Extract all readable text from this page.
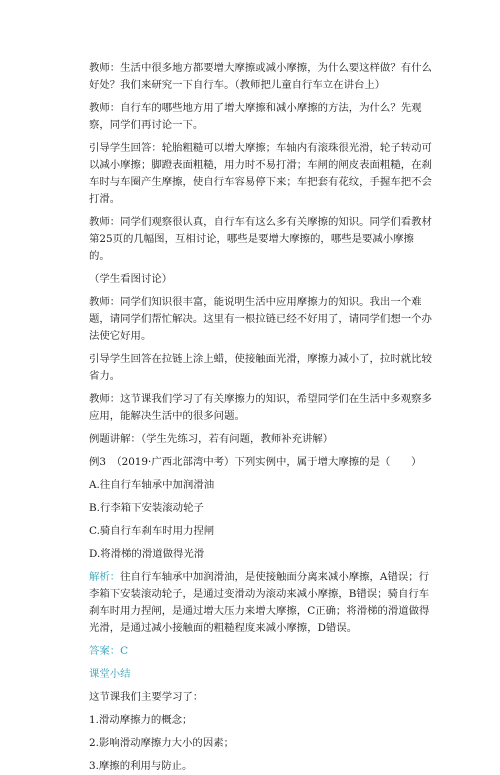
教师：生活中很多地方都要增大摩擦或减小摩擦，为什么要这样做？有什么好处？我们来研究一下自行车。（教师把儿童自行车立在讲台上）

教师：自行车的哪些地方用了增大摩擦和减小摩擦的方法，为什么？先观察，同学们再讨论一下。

引导学生回答：轮胎粗糙可以增大摩擦；车轴内有滚珠很光滑，轮子转动可以减小摩擦；脚蹬表面粗糙，用力时不易打滑；车闸的闸皮表面粗糙，在刹车时与车圈产生摩擦，使自行车容易停下来；车把套有花纹，手握车把不会打滑。

教师：同学们观察很认真，自行车有这么多有关摩擦的知识。同学们看教材第25页的几幅图，互相讨论，哪些是要增大摩擦的，哪些是要减小摩擦的。

（学生看图讨论）

教师：同学们知识很丰富，能说明生活中应用摩擦力的知识。我出一个难题，请同学们帮忙解决。这里有一根拉链已经不好用了，请同学们想一个办法使它好用。

引导学生回答在拉链上涂上蜡，使接触面光滑，摩擦力减小了，拉时就比较省力。

教师：这节课我们学习了有关摩擦力的知识，希望同学们在生活中多观察多应用，能解决生活中的很多问题。

例题讲解：（学生先练习，若有问题，教师补充讲解）

例3　（2019·广西北部湾中考）下列实例中，属于增大摩擦的是（　　）

A.往自行车轴承中加润滑油

B.行李箱下安装滚动轮子

C.骑自行车刹车时用力捏闸

D.将滑梯的滑道做得光滑

解析：往自行车轴承中加润滑油，是使接触面分离来减小摩擦，A错误；行李箱下安装滚动轮子，是通过变滑动为滚动来减小摩擦，B错误；骑自行车刹车时用力捏闸，是通过增大压力来增大摩擦，C正确；将滑梯的滑道做得光滑，是通过减小接触面的粗糙程度来减小摩擦，D错误。

答案：C

课堂小结

这节课我们主要学习了：

1.滑动摩擦力的概念；

2.影响滑动摩擦力大小的因素；

3.摩擦的利用与防止。
